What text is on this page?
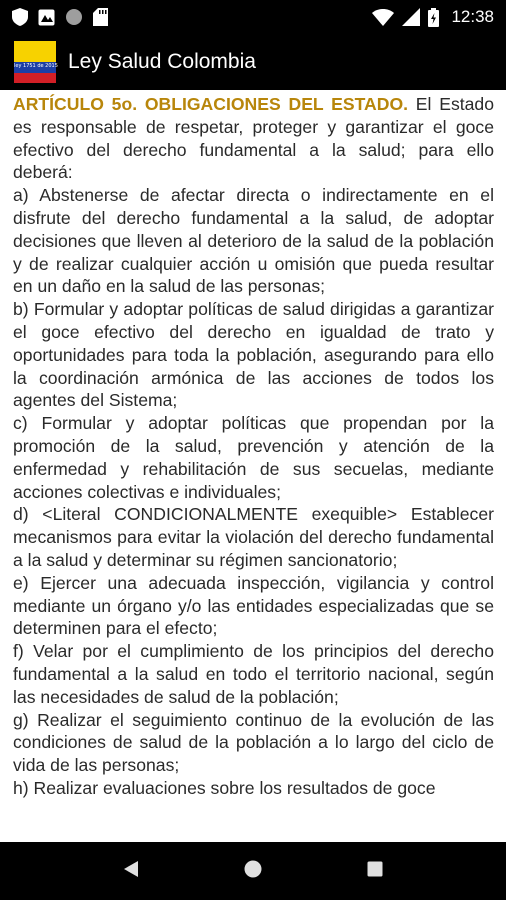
12:38
ley 1751 de 2015 Ley Salud Colombia

ARTÍCULO 5o. OBLIGACIONES DEL ESTADO. El Estado es responsable de respetar, proteger y garantizar el goce efectivo del derecho fundamental a la salud; para ello deberá:

a) Abstenerse de afectar directa o indirectamente en el disfrute del derecho fundamental a la salud, de adoptar decisiones que lleven al deterioro de la salud de la población y de realizar cualquier acción u omisión que pueda resultar en un daño en la salud de las personas;

b) Formular y adoptar políticas de salud dirigidas a garantizar el goce efectivo del derecho en igualdad de trato y oportunidades para toda la población, asegurando para ello la coordinación armónica de las acciones de todos los agentes del Sistema;

c) Formular y adoptar políticas que propendan por la promoción de la salud, prevención y atención de la enfermedad y rehabilitación de sus secuelas, mediante acciones colectivas e individuales;

d) <Literal CONDICIONALMENTE exequible> Establecer mecanismos para evitar la violación del derecho fundamental a la salud y determinar su régimen sancionatorio;

e) Ejercer una adecuada inspección, vigilancia y control mediante un órgano y/o las entidades especializadas que se determinen para el efecto;

f) Velar por el cumplimiento de los principios del derecho fundamental a la salud en todo el territorio nacional, según las necesidades de salud de la población;

g) Realizar el seguimiento continuo de la evolución de las condiciones de salud de la población a lo largo del ciclo de vida de las personas;

h) Realizar evaluaciones sobre los resultados de goce
